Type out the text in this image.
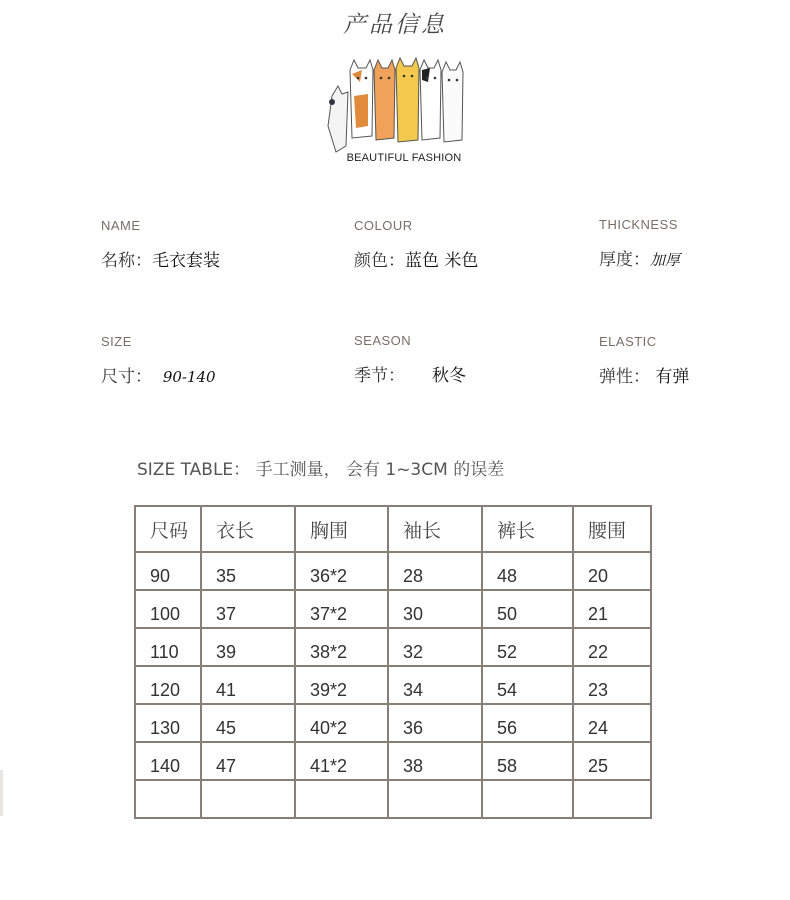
产品信息
BEAUTIFUL FASHION
NAME
名称：毛衣套装
COLOUR
颜色：蓝色 米色
THICKNESS
厚度：加厚
SIZE
尺寸： 90-140
SEASON
季节： 秋冬
ELASTIC
弹性： 有弹
SIZE TABLE： 手工测量， 会有 1~3CM 的误差
尺码	衣长	胸围	袖长	裤长	腰围
90	35	36*2	28	48	20
100	37	37*2	30	50	21
110	39	38*2	32	52	22
120	41	39*2	34	54	23
130	45	40*2	36	56	24
140	47	41*2	38	58	25
